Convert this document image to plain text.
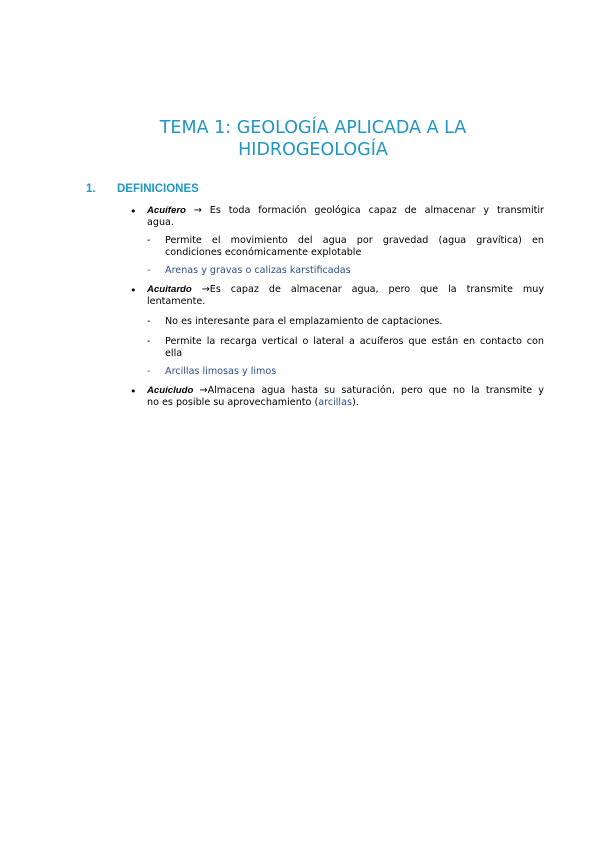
TEMA 1: GEOLOGÍA APLICADA A LA
HIDROGEOLOGÍA
1. DEFINICIONES
• Acuífero → Es toda formación geológica capaz de almacenar y transmitir
agua.
- Permite el movimiento del agua por gravedad (agua gravítica) en
condiciones económicamente explotable
- Arenas y gravas o calizas karstificadas
• Acuitardo →Es capaz de almacenar agua, pero que la transmite muy
lentamente.
- No es interesante para el emplazamiento de captaciones.
- Permite la recarga vertical o lateral a acuíferos que están en contacto con
ella
- Arcillas limosas y limos
• Acuicludo →Almacena agua hasta su saturación, pero que no la transmite y
no es posible su aprovechamiento (arcillas).
